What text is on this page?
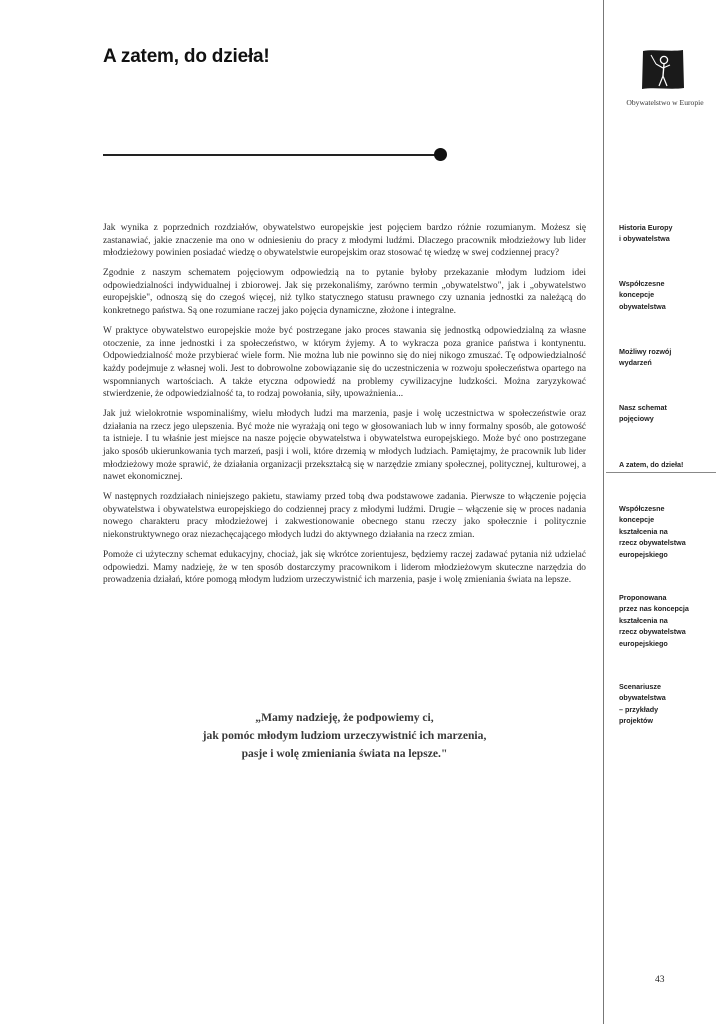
A zatem, do dzieła!
Obywatelstwo w Europie

Jak wynika z poprzednich rozdziałów, obywatelstwo europejskie jest pojęciem bardzo różnie rozumianym. Możesz się zastanawiać, jakie znaczenie ma ono w odniesieniu do pracy z młodymi ludźmi. Dlaczego pracownik młodzieżowy lub lider młodzieżowy powinien posiadać wiedzę o obywatelstwie europejskim oraz stosować tę wiedzę w swej codziennej pracy?

Zgodnie z naszym schematem pojęciowym odpowiedzią na to pytanie byłoby przekazanie młodym ludziom idei odpowiedzialności indywidualnej i zbiorowej. Jak się przekonaliśmy, zarówno termin „obywatelstwo", jak i „obywatelstwo europejskie", odnoszą się do czegoś więcej, niż tylko statycznego statusu prawnego czy uznania jednostki za należącą do konkretnego państwa. Są one rozumiane raczej jako pojęcia dynamiczne, złożone i integralne.

W praktyce obywatelstwo europejskie może być postrzegane jako proces stawania się jednostką odpowiedzialną za własne otoczenie, za inne jednostki i za społeczeństwo, w którym żyjemy. A to wykracza poza granice państwa i kontynentu. Odpowiedzialność może przybierać wiele form. Nie można lub nie powinno się do niej nikogo zmuszać. Tę odpowiedzialność każdy podejmuje z własnej woli. Jest to dobrowolne zobowiązanie się do uczestniczenia w rozwoju społeczeństwa opartego na wspomnianych wartościach. A także etyczna odpowiedź na problemy cywilizacyjne ludzkości. Można zaryzykować stwierdzenie, że odpowiedzialność ta, to rodzaj powołania, siły, upoważnienia...

Jak już wielokrotnie wspominaliśmy, wielu młodych ludzi ma marzenia, pasje i wolę uczestnictwa w społeczeństwie oraz działania na rzecz jego ulepszenia. Być może nie wyrażają oni tego w głosowaniach lub w inny formalny sposób, ale gotowość ta istnieje. I tu właśnie jest miejsce na nasze pojęcie obywatelstwa i obywatelstwa europejskiego. Może być ono postrzegane jako sposób ukierunkowania tych marzeń, pasji i woli, które drzemią w młodych ludziach. Pamiętajmy, że pracownik lub lider młodzieżowy może sprawić, że działania organizacji przekształcą się w narzędzie zmiany społecznej, politycznej, kulturowej, a nawet ekonomicznej.

W następnych rozdziałach niniejszego pakietu, stawiamy przed tobą dwa podstawowe zadania. Pierwsze to włączenie pojęcia obywatelstwa i obywatelstwa europejskiego do codziennej pracy z młodymi ludźmi. Drugie – włączenie się w proces nadania nowego charakteru pracy młodzieżowej i zakwestionowanie obecnego stanu rzeczy jako społecznie i politycznie niekonstruktywnego oraz niezachęcającego młodych ludzi do aktywnego działania na rzecz zmian.

Pomoże ci użyteczny schemat edukacyjny, chociaż, jak się wkrótce zorientujesz, będziemy raczej zadawać pytania niż udzielać odpowiedzi. Mamy nadzieję, że w ten sposób dostarczymy pracownikom i liderom młodzieżowym skuteczne narzędzia do prowadzenia działań, które pomogą młodym ludziom urzeczywistnić ich marzenia, pasje i wolę zmieniania świata na lepsze.

„Mamy nadzieję, że podpowiemy ci,
jak pomóc młodym ludziom urzeczywistnić ich marzenia,
pasje i wolę zmieniania świata na lepsze."
Historia Europy
i obywatelstwa
Współczesne
koncepcje
obywatelstwa
Możliwy rozwój
wydarzeń
Nasz schemat
pojęciowy
A zatem, do dzieła!
Współczesne
koncepcje
kształcenia na
rzecz obywatelstwa
europejskiego
Proponowana
przez nas koncepcja
kształcenia na
rzecz obywatelstwa
europejskiego
Scenariusze
obywatelstwa
– przykłady
projektów
43
